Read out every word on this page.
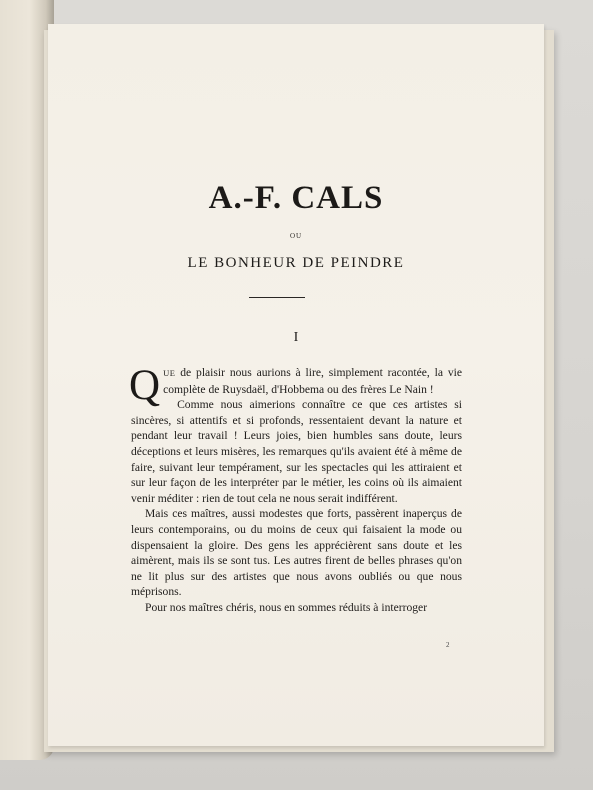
A.-F. CALS
OU
LE BONHEUR DE PEINDRE
I

QUE de plaisir nous aurions à lire, simplement racontée, la vie complète de Ruysdaël, d'Hobbema ou des frères Le Nain !

Comme nous aimerions connaître ce que ces artistes si sincères, si attentifs et si profonds, ressentaient devant la nature et pendant leur travail ! Leurs joies, bien humbles sans doute, leurs déceptions et leurs misères, les remarques qu'ils avaient été à même de faire, suivant leur tempérament, sur les spectacles qui les attiraient et sur leur façon de les interpréter par le métier, les coins où ils aimaient venir méditer : rien de tout cela ne nous serait indifférent.

Mais ces maîtres, aussi modestes que forts, passèrent inaperçus de leurs contemporains, ou du moins de ceux qui faisaient la mode ou dispensaient la gloire. Des gens les apprécièrent sans doute et les aimèrent, mais ils se sont tus. Les autres firent de belles phrases qu'on ne lit plus sur des artistes que nous avons oubliés ou que nous méprisons.

Pour nos maîtres chéris, nous en sommes réduits à interroger

2
